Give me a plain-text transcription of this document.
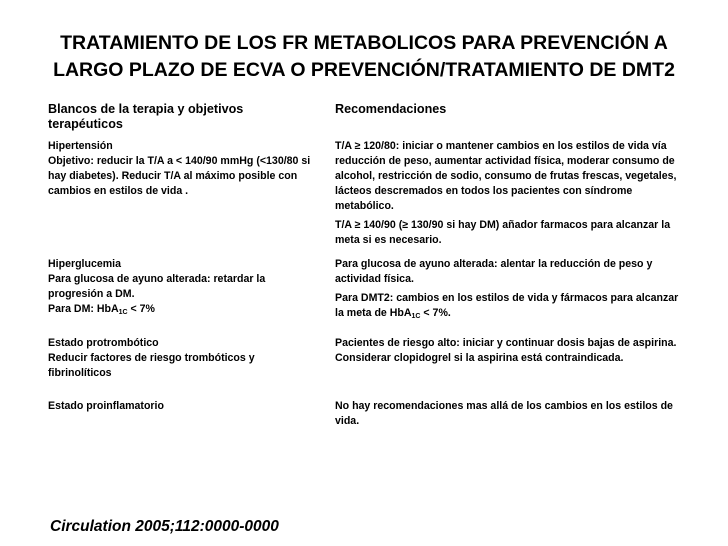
TRATAMIENTO DE LOS FR METABOLICOS PARA PREVENCIÓN A
LARGO PLAZO DE ECVA O PREVENCIÓN/TRATAMIENTO DE DMT2
Blancos de la terapia y objetivos terapéuticos	Recomendaciones

Hipertensión
Objetivo: reducir la T/A a < 140/90 mmHg (<130/80 si hay diabetes). Reducir T/A al máximo posible con cambios en estilos de vida .	T/A ≥ 120/80: iniciar o mantener cambios en los estilos de vida vía reducción de peso, aumentar actividad física, moderar consumo de alcohol, restricción de sodio, consumo de frutas frescas, vegetales, lácteos descremados en todos los pacientes con síndrome metabólico.
T/A ≥ 140/90 (≥ 130/90 si hay DM) añador farmacos para alcanzar la meta si es necesario.

Hiperglucemia
Para glucosa de ayuno alterada: retardar la progresión a DM.
Para DM: HbA$_{1C}$ < 7%	Para glucosa de ayuno alterada: alentar la reducción de peso y actividad física.
Para DMT2: cambios en los estilos de vida y fármacos para alcanzar la meta de HbA$_{1C}$ < 7%.

Estado protrombótico
Reducir factores de riesgo trombóticos y fibrinolíticos	Pacientes de riesgo alto: iniciar y continuar dosis bajas de aspirina. Considerar clopidogrel si la aspirina está contraindicada.

Estado proinflamatorio	No hay recomendaciones mas allá de los cambios en los estilos de vida.
Circulation 2005;112:0000-0000
